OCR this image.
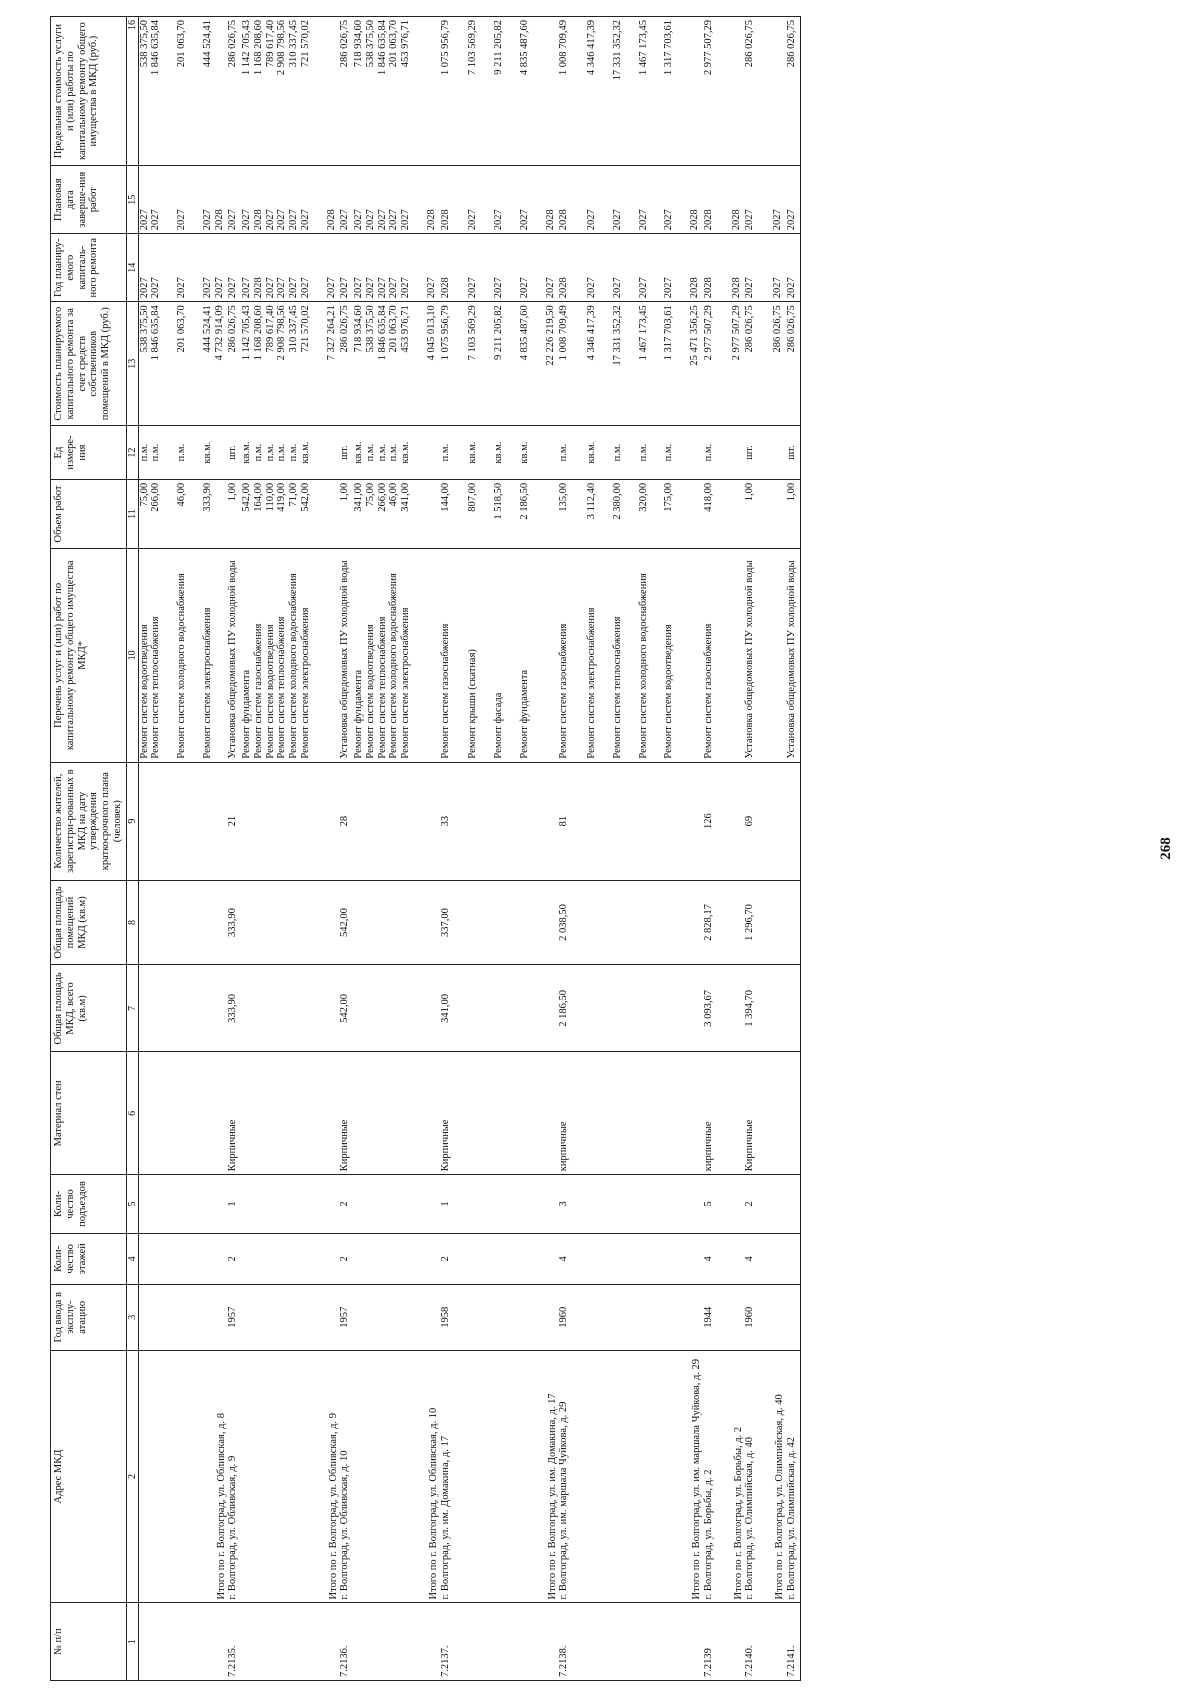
268
№ п/п	Адрес МКД	Год ввода в эксплу-атацию	Коли-чество этажей	Коли-чество подъездов	Материал стен	Общая площадь МКД, всего (кв.м)	Общая площадь помещений МКД (кв.м)	Количество жителей, зарегистри-рованных в МКД на дату утверждения краткосрочного плана (человек)	Перечень услуг и (или) работ по капитальному ремонту общего имущества МКД*	Объем работ	Ед измере-ния	Стоимость планируемого капитального ремонта за счет средств собственников помещений в МКД (руб.)	Год планиру-емого капиталь-ного ремонта	Плановая дата заверше-ния работ	Предельная стоимость услуги и (или) работы по капитальному ремонту общего имущества в МКД (руб.)
1	2	3	4	5	6	7	8	9	10	11	12	13	14	15	16
									Ремонт систем водоотведения	75,00	п.м.	538 375,50	2027	2027	538 375,50
									Ремонт систем теплоснабжения	266,00	п.м.	1 846 635,84	2027	2027	1 846 635,84

									Ремонт систем холодного водоснабжения	46,00	п.м.	201 063,70	2027	2027	201 063,70

									Ремонт систем электроснабжения	333,90	кв.м.	444 524,41	2027	2027	444 524,41
	Итого по г. Волгоград, ул. Обливская, д. 8											4 732 914,09	2027	2028	
7.2135.	г. Волгоград, ул. Обливская, д. 9	1957	2	1	Кирпичные	333,90	333,90	21	Установка общедомовых ПУ холодной воды	1,00	шт.	286 026,75	2027	2027	286 026,75
									Ремонт фундамента	542,00	кв.м.	1 142 705,43	2027	2027	1 142 705,43
									Ремонт систем газоснабжения	164,00	п.м.	1 168 208,60	2028	2028	1 168 208,60
									Ремонт систем водоотведения	110,00	п.м.	789 617,40	2027	2027	789 617,40
									Ремонт систем теплоснабжения	419,00	п.м.	2 908 798,56	2027	2027	2 908 798,56
									Ремонт систем холодного водоснабжения	71,00	п.м.	310 337,45	2027	2027	310 337,45
									Ремонт систем электроснабжения	542,00	кв.м.	721 570,02	2027	2027	721 570,02

	Итого по г. Волгоград, ул. Обливская, д. 9											7 327 264,21	2027	2028	
7.2136.	г. Волгоград, ул. Обливская, д. 10	1957	2	2	Кирпичные	542,00	542,00	28	Установка общедомовых ПУ холодной воды	1,00	шт.	286 026,75	2027	2027	286 026,75
									Ремонт фундамента	341,00	кв.м.	718 934,60	2027	2027	718 934,60
									Ремонт систем водоотведения	75,00	п.м.	538 375,50	2027	2027	538 375,50
									Ремонт систем теплоснабжения	266,00	п.м.	1 846 635,84	2027	2027	1 846 635,84
									Ремонт систем холодного водоснабжения	46,00	п.м.	201 063,70	2027	2027	201 063,70
									Ремонт систем электроснабжения	341,00	кв.м.	453 976,71	2027	2027	453 976,71

	Итого по г. Волгоград, ул. Обливская, д. 10											4 045 013,10	2027	2028	
7.2137.	г. Волгоград, ул. им. Домакина, д. 17	1958	2	1	Кирпичные	341,00	337,00	33	Ремонт систем газоснабжения	144,00	п.м.	1 075 956,79	2028	2028	1 075 956,79

									Ремонт крыши (скатная)	807,00	кв.м.	7 103 569,29	2027	2027	7 103 569,29

									Ремонт фасада	1 518,50	кв.м.	9 211 205,82	2027	2027	9 211 205,82

									Ремонт фундамента	2 186,50	кв.м.	4 835 487,60	2027	2027	4 835 487,60

	Итого по г. Волгоград, ул. им. Домакина, д. 17											22 226 219,50	2027	2028	
7.2138.	г. Волгоград, ул. им. маршала Чуйкова, д. 29	1960	4	3	кирпичные	2 186,50	2 038,50	81	Ремонт систем газоснабжения	135,00	п.м.	1 008 709,49	2028	2028	1 008 709,49

									Ремонт систем электроснабжения	3 112,40	кв.м.	4 346 417,39	2027	2027	4 346 417,39

									Ремонт систем теплоснабжения	2 380,00	п.м.	17 331 352,32	2027	2027	17 331 352,32

									Ремонт систем холодного водоснабжения	320,00	п.м.	1 467 173,45	2027	2027	1 467 173,45

									Ремонт систем водоотведения	175,00	п.м.	1 317 703,61	2027	2027	1 317 703,61

	Итого по г. Волгоград, ул. им. маршала Чуйкова, д. 29											25 471 356,25	2028	2028	
7.2139	г. Волгоград, ул. Борьбы, д. 2	1944	4	5	кирпичные	3 093,67	2 828,17	126	Ремонт систем газоснабжения	418,00	п.м.	2 977 507,29	2028	2028	2 977 507,29

	Итого по г. Волгоград, ул. Борьбы, д. 2											2 977 507,29	2028	2028	
7.2140.	г. Волгоград, ул. Олимпийская, д. 40	1960	4	2	Кирпичные	1 394,70	1 296,70	69	Установка общедомовых ПУ холодной воды	1,00	шт.	286 026,75	2027	2027	286 026,75

	Итого по г. Волгоград, ул. Олимпийская, д. 40											286 026,75	2027	2027	
7.2141.	г. Волгоград, ул. Олимпийская, д. 42								Установка общедомовых ПУ холодной воды	1,00	шт.	286 026,75	2027	2027	286 026,75
